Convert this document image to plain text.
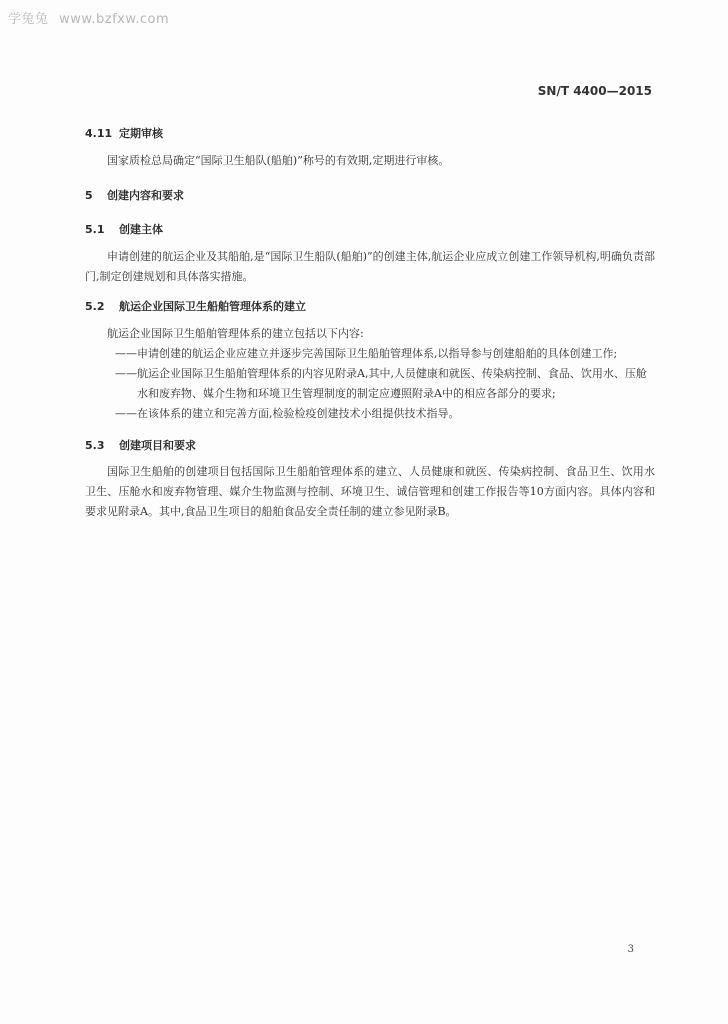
学兔兔 www.bzfxw.com
SN/T 4400—2015
4.11 定期审核
国家质检总局确定“国际卫生船队(船舶)”称号的有效期,定期进行审核。
5 创建内容和要求
5.1 创建主体
申请创建的航运企业及其船舶,是“国际卫生船队(船舶)”的创建主体,航运企业应成立创建工作领导机构,明确负责部门,制定创建规划和具体落实措施。
5.2 航运企业国际卫生船舶管理体系的建立
航运企业国际卫生船舶管理体系的建立包括以下内容:
——申请创建的航运企业应建立并逐步完善国际卫生船舶管理体系,以指导参与创建船舶的具体创建工作;
——航运企业国际卫生船舶管理体系的内容见附录A,其中,人员健康和就医、传染病控制、食品、饮用水、压舱水和废弃物、媒介生物和环境卫生管理制度的制定应遵照附录A中的相应各部分的要求;
——在该体系的建立和完善方面,检验检疫创建技术小组提供技术指导。
5.3 创建项目和要求
国际卫生船舶的创建项目包括国际卫生船舶管理体系的建立、人员健康和就医、传染病控制、食品卫生、饮用水卫生、压舱水和废弃物管理、媒介生物监测与控制、环境卫生、诚信管理和创建工作报告等10方面内容。具体内容和要求见附录A。其中,食品卫生项目的船舶食品安全责任制的建立参见附录B。
3
